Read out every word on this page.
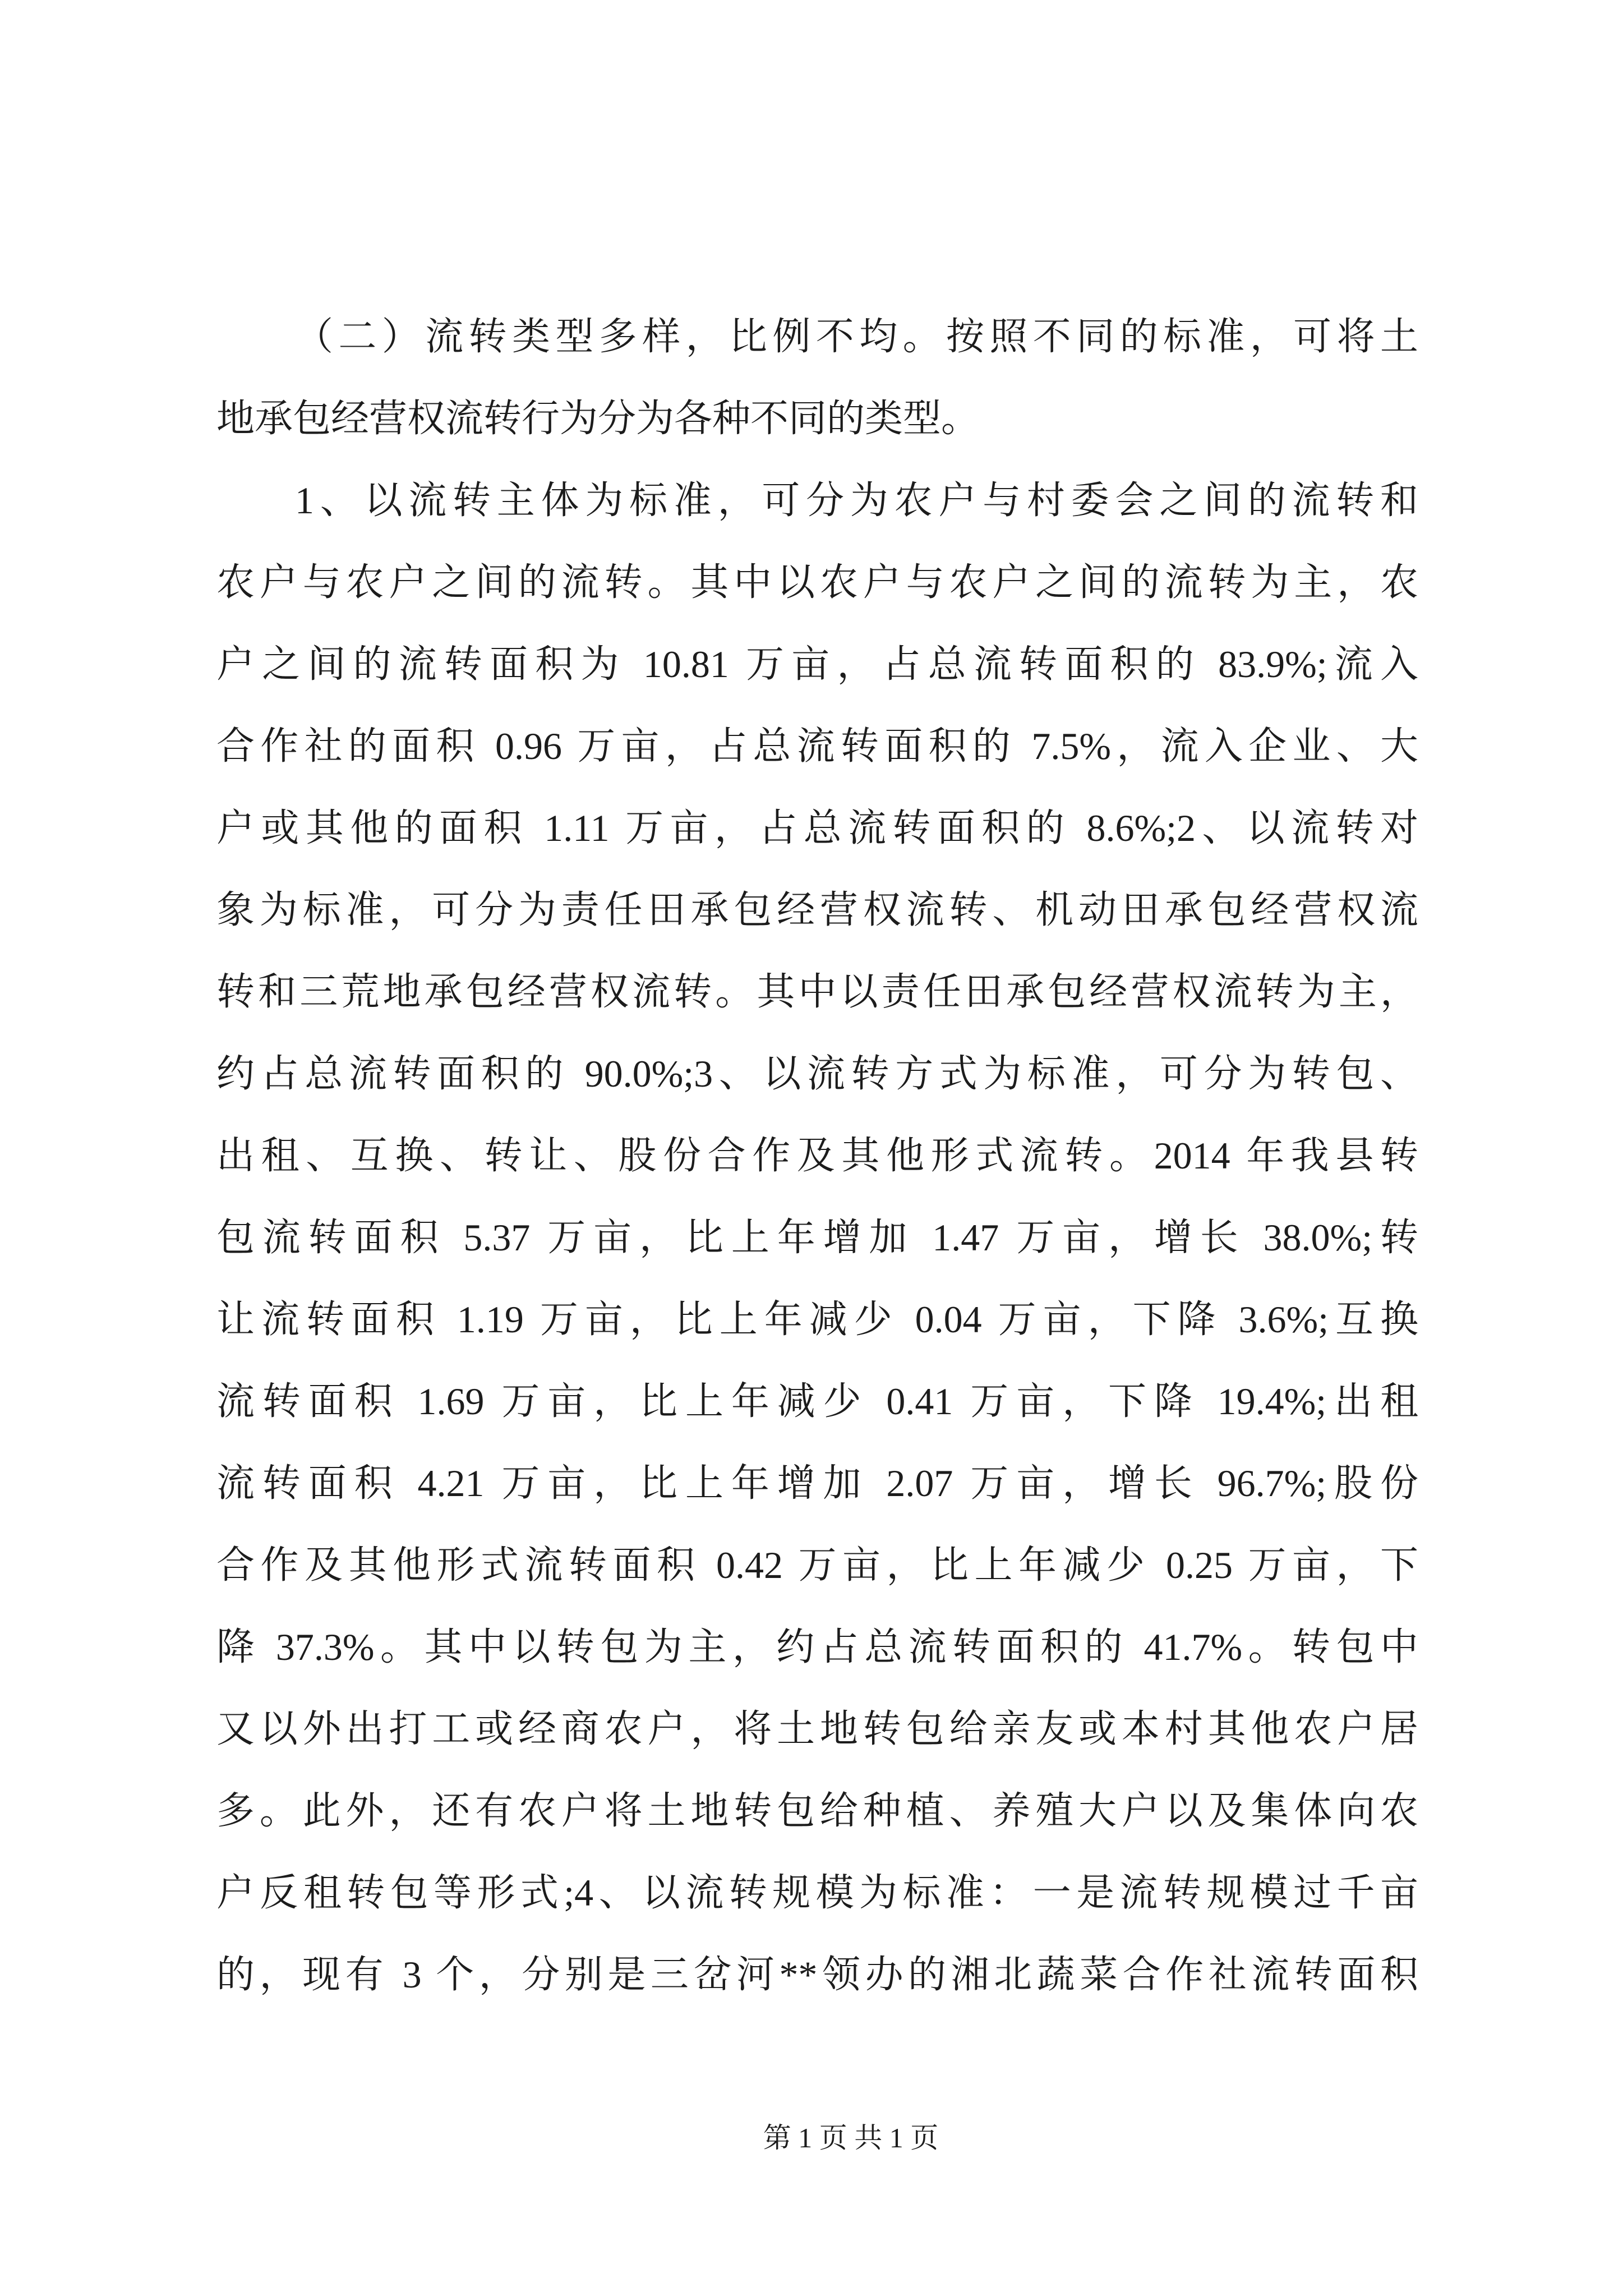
（二）流转类型多样，比例不均。按照不同的标准，可将土
地承包经营权流转行为分为各种不同的类型。
1、以流转主体为标准，可分为农户与村委会之间的流转和
农户与农户之间的流转。其中以农户与农户之间的流转为主，农
户之间的流转面积为 10.81 万亩，占总流转面积的 83.9%;流入
合作社的面积 0.96 万亩，占总流转面积的 7.5%，流入企业、大
户或其他的面积 1.11 万亩，占总流转面积的 8.6%;2、以流转对
象为标准，可分为责任田承包经营权流转、机动田承包经营权流
转和三荒地承包经营权流转。其中以责任田承包经营权流转为主，
约占总流转面积的 90.0%;3、以流转方式为标准，可分为转包、
出租、互换、转让、股份合作及其他形式流转。2014 年我县转
包流转面积 5.37 万亩，比上年增加 1.47 万亩，增长 38.0%;转
让流转面积 1.19 万亩，比上年减少 0.04 万亩，下降 3.6%;互换
流转面积 1.69 万亩，比上年减少 0.41 万亩，下降 19.4%;出租
流转面积 4.21 万亩，比上年增加 2.07 万亩，增长 96.7%;股份
合作及其他形式流转面积 0.42 万亩，比上年减少 0.25 万亩，下
降 37.3%。其中以转包为主，约占总流转面积的 41.7%。转包中
又以外出打工或经商农户，将土地转包给亲友或本村其他农户居
多。此外，还有农户将土地转包给种植、养殖大户以及集体向农
户反租转包等形式;4、以流转规模为标准：一是流转规模过千亩
的，现有 3 个，分别是三岔河**领办的湘北蔬菜合作社流转面积
第 1 页 共 1 页
